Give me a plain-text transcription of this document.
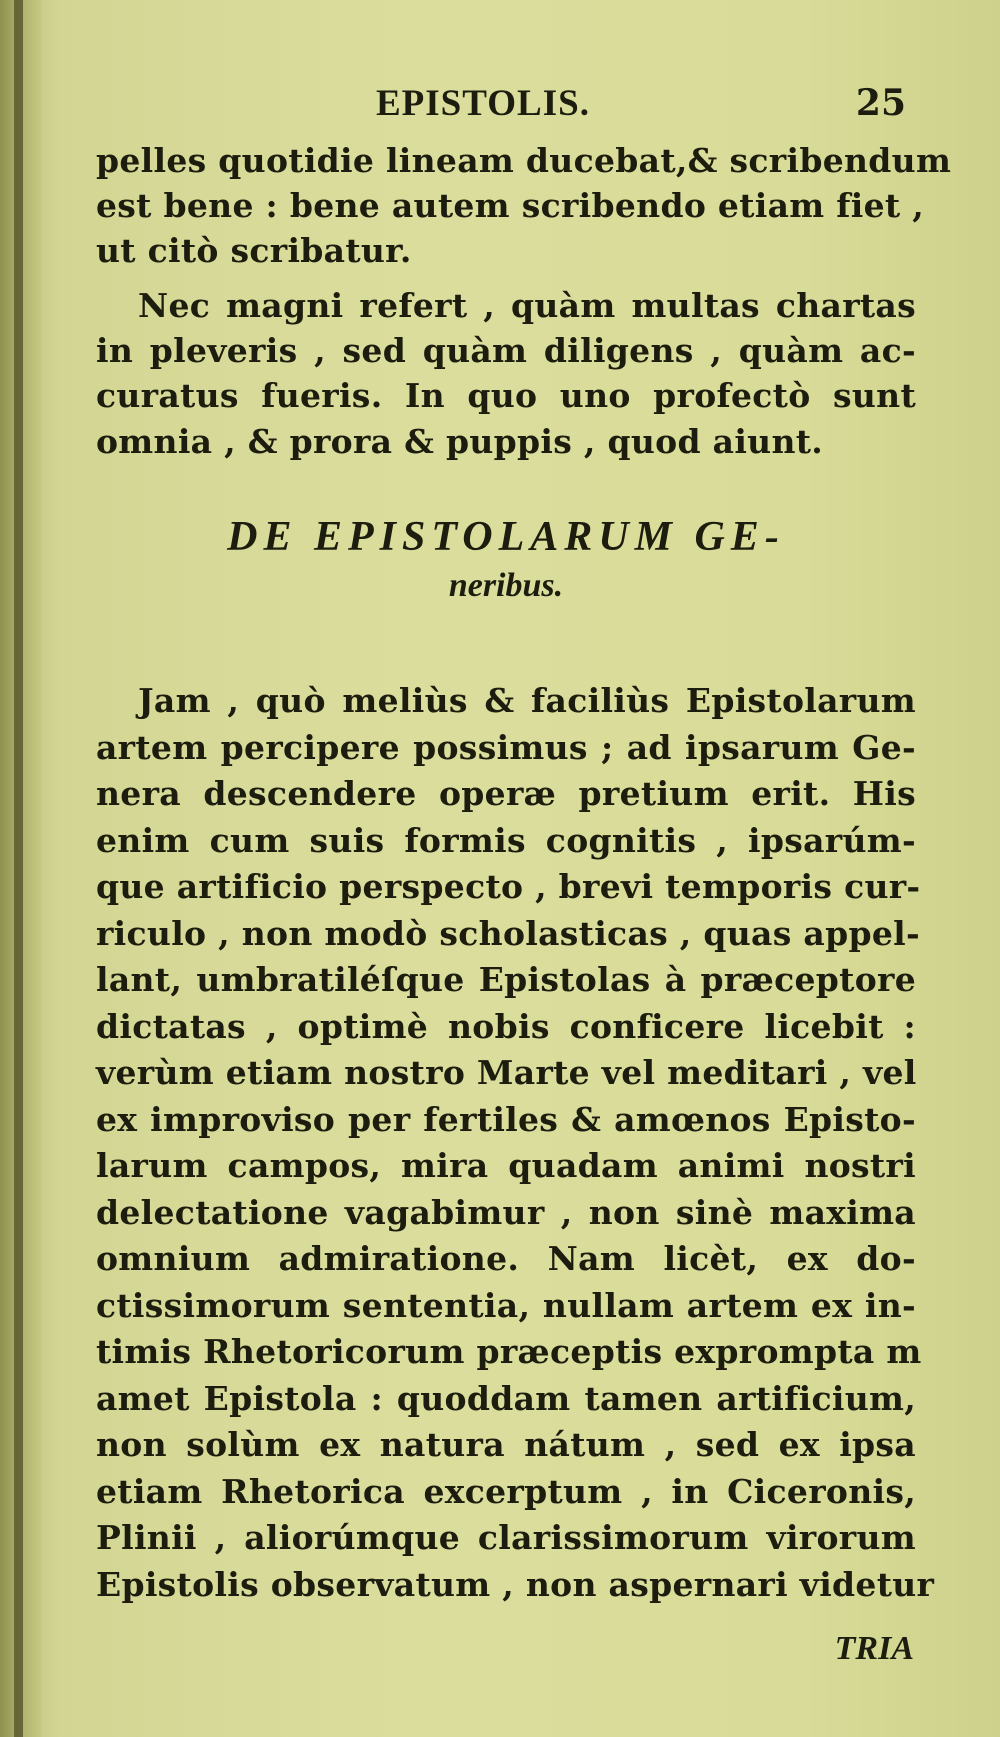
EPISTOLIS.	25
pelles quotidie lineam ducebat,& scribendum
est bene : bene autem scribendo etiam fiet ,
ut citò scribatur.
Nec magni refert , quàm multas chartas
in pleveris , sed quàm diligens , quàm ac-
curatus fueris. In quo uno profectò sunt
omnia , & prora & puppis , quod aiunt.
DE EPISTOLARUM GE-
neribus.
Jam , quò meliùs & faciliùs Epistolarum
artem percipere possimus ; ad ipsarum Ge-
nera descendere operæ pretium erit. His
enim cum suis formis cognitis , ipsarúm-
que artificio perspecto , brevi temporis cur-
riculo , non modò scholasticas , quas appel-
lant, umbratiléſque Epistolas à præceptore
dictatas , optimè nobis conficere licebit :
verùm etiam nostro Marte vel meditari , vel
ex improviso per fertiles & amœnos Episto-
larum campos, mira quadam animi nostri
delectatione vagabimur , non sinè maxima
omnium admiratione. Nam licèt, ex do-
ctissimorum sententia, nullam artem ex in-
timis Rhetoricorum præceptis exprompta m
amet Epistola : quoddam tamen artificium,
non solùm ex natura nátum , sed ex ipsa
etiam Rhetorica excerptum , in Ciceronis,
Plinii , aliorúmque clarissimorum virorum
Epistolis observatum , non aspernari videtur
TRIA
